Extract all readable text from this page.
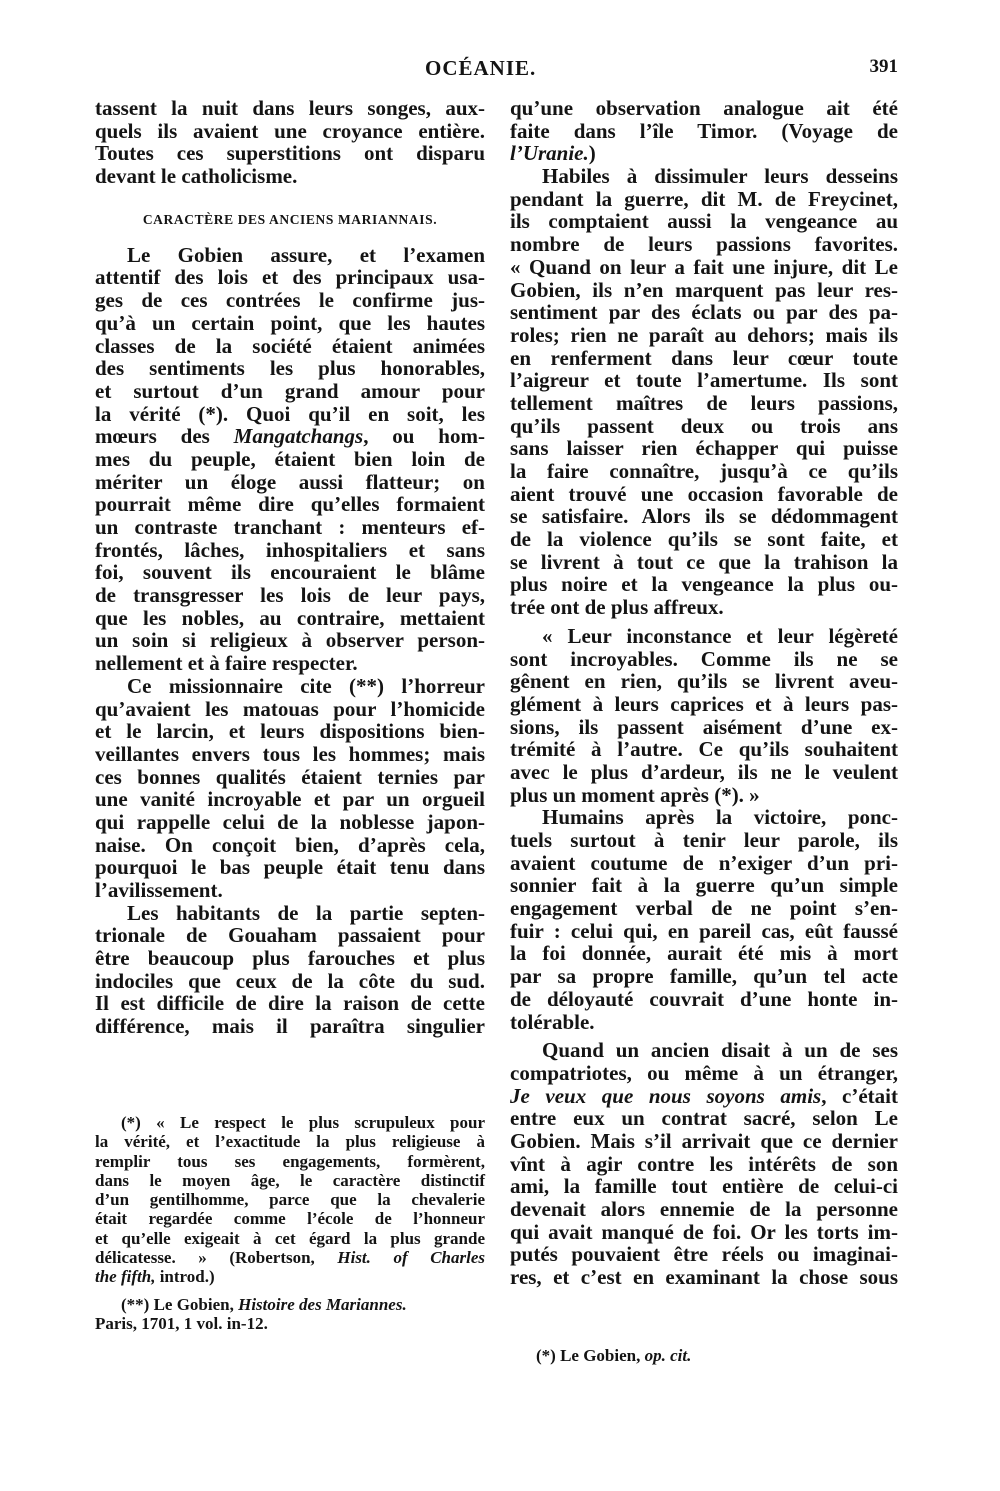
OCÉANIE.	391
tassent la nuit dans leurs songes, aux-
quels ils avaient une croyance entière.
Toutes ces superstitions ont disparu
devant le catholicisme.
CARACTÈRE DES ANCIENS MARIANNAIS.
Le Gobien assure, et l’examen
attentif des lois et des principaux usa-
ges de ces contrées le confirme jus-
qu’à un certain point, que les hautes
classes de la société étaient animées
des sentiments les plus honorables,
et surtout d’un grand amour pour
la vérité (*). Quoi qu’il en soit, les
mœurs des Mangatchangs, ou hom-
mes du peuple, étaient bien loin de
mériter un éloge aussi flatteur; on
pourrait même dire qu’elles formaient
un contraste tranchant : menteurs ef-
frontés, lâches, inhospitaliers et sans
foi, souvent ils encouraient le blâme
de transgresser les lois de leur pays,
que les nobles, au contraire, mettaient
un soin si religieux à observer person-
nellement et à faire respecter.
Ce missionnaire cite (**) l’horreur
qu’avaient les matouas pour l’homicide
et le larcin, et leurs dispositions bien-
veillantes envers tous les hommes; mais
ces bonnes qualités étaient ternies par
une vanité incroyable et par un orgueil
qui rappelle celui de la noblesse japon-
naise. On conçoit bien, d’après cela,
pourquoi le bas peuple était tenu dans
l’avilissement.
Les habitants de la partie septen-
trionale de Gouaham passaient pour
être beaucoup plus farouches et plus
indociles que ceux de la côte du sud.
Il est difficile de dire la raison de cette
différence, mais il paraîtra singulier
qu’une observation analogue ait été
faite dans l’île Timor. (Voyage de
l’Uranie.)
Habiles à dissimuler leurs desseins
pendant la guerre, dit M. de Freycinet,
ils comptaient aussi la vengeance au
nombre de leurs passions favorites.
« Quand on leur a fait une injure, dit Le
Gobien, ils n’en marquent pas leur res-
sentiment par des éclats ou par des pa-
roles; rien ne paraît au dehors; mais ils
en renferment dans leur cœur toute
l’aigreur et toute l’amertume. Ils sont
tellement maîtres de leurs passions,
qu’ils passent deux ou trois ans
sans laisser rien échapper qui puisse
la faire connaître, jusqu’à ce qu’ils
aient trouvé une occasion favorable de
se satisfaire. Alors ils se dédommagent
de la violence qu’ils se sont faite, et
se livrent à tout ce que la trahison la
plus noire et la vengeance la plus ou-
trée ont de plus affreux.
« Leur inconstance et leur légèreté
sont incroyables. Comme ils ne se
gênent en rien, qu’ils se livrent aveu-
glément à leurs caprices et à leurs pas-
sions, ils passent aisément d’une ex-
trémité à l’autre. Ce qu’ils souhaitent
avec le plus d’ardeur, ils ne le veulent
plus un moment après (*). »
Humains après la victoire, ponc-
tuels surtout à tenir leur parole, ils
avaient coutume de n’exiger d’un pri-
sonnier fait à la guerre qu’un simple
engagement verbal de ne point s’en-
fuir : celui qui, en pareil cas, eût faussé
la foi donnée, aurait été mis à mort
par sa propre famille, qu’un tel acte
de déloyauté couvrait d’une honte in-
tolérable.
Quand un ancien disait à un de ses
compatriotes, ou même à un étranger,
Je veux que nous soyons amis, c’était
entre eux un contrat sacré, selon Le
Gobien. Mais s’il arrivait que ce dernier
vînt à agir contre les intérêts de son
ami, la famille tout entière de celui-ci
devenait alors ennemie de la personne
qui avait manqué de foi. Or les torts im-
putés pouvaient être réels ou imaginai-
res, et c’est en examinant la chose sous
(*) « Le respect le plus scrupuleux pour
la vérité, et l’exactitude la plus religieuse à
remplir tous ses engagements, formèrent,
dans le moyen âge, le caractère distinctif
d’un gentilhomme, parce que la chevalerie
était regardée comme l’école de l’honneur
et qu’elle exigeait à cet égard la plus grande
délicatesse. » (Robertson, Hist. of Charles
the fifth, introd.)
(**) Le Gobien, Histoire des Mariannes.
Paris, 1701, 1 vol. in-12.
(*) Le Gobien, op. cit.
